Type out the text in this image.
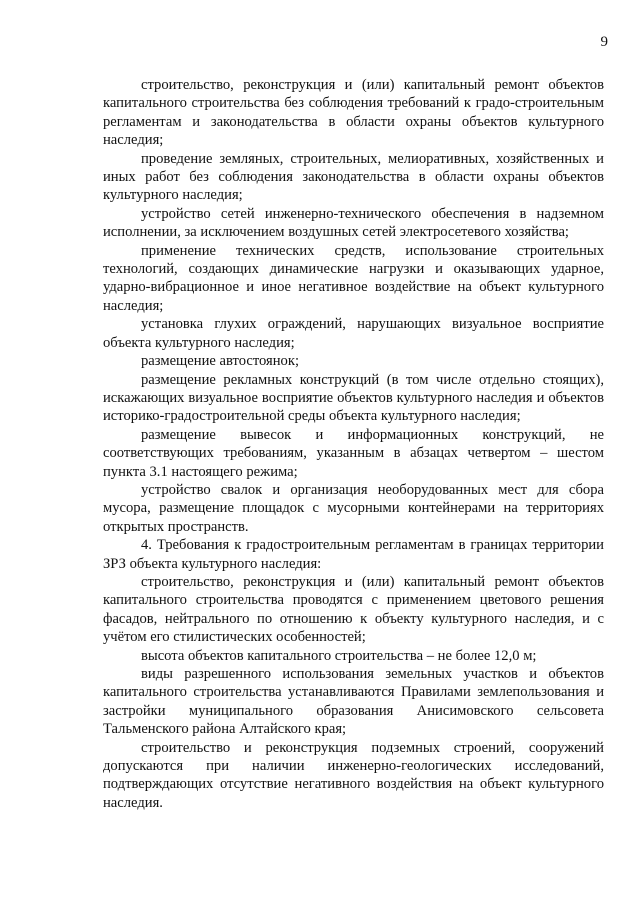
9

строительство, реконструкция и (или) капитальный ремонт объектов капитального строительства без соблюдения требований к градо-строительным регламентам и законодательства в области охраны объектов культурного наследия;

проведение земляных, строительных, мелиоративных, хозяйственных и иных работ без соблюдения законодательства в области охраны объектов культурного наследия;

устройство сетей инженерно-технического обеспечения в надземном исполнении, за исключением воздушных сетей электросетевого хозяйства;

применение технических средств, использование строительных технологий, создающих динамические нагрузки и оказывающих ударное, ударно-вибрационное и иное негативное воздействие на объект культурного наследия;

установка глухих ограждений, нарушающих визуальное восприятие объекта культурного наследия;

размещение автостоянок;

размещение рекламных конструкций (в том числе отдельно стоящих), искажающих визуальное восприятие объектов культурного наследия и объектов историко-градостроительной среды объекта культурного наследия;

размещение вывесок и информационных конструкций, не соответствующих требованиям, указанным в абзацах четвертом – шестом пункта 3.1 настоящего режима;

устройство свалок и организация необорудованных мест для сбора мусора, размещение площадок с мусорными контейнерами на территориях открытых пространств.

4. Требования к градостроительным регламентам в границах территории ЗРЗ объекта культурного наследия:

строительство, реконструкция и (или) капитальный ремонт объектов капитального строительства проводятся с применением цветового решения фасадов, нейтрального по отношению к объекту культурного наследия, и с учётом его стилистических особенностей;

высота объектов капитального строительства – не более 12,0 м;

виды разрешенного использования земельных участков и объектов капитального строительства устанавливаются Правилами землепользования и застройки муниципального образования Анисимовского сельсовета Тальменского района Алтайского края;

строительство и реконструкция подземных строений, сооружений допускаются при наличии инженерно-геологических исследований, подтверждающих отсутствие негативного воздействия на объект культурного наследия.
